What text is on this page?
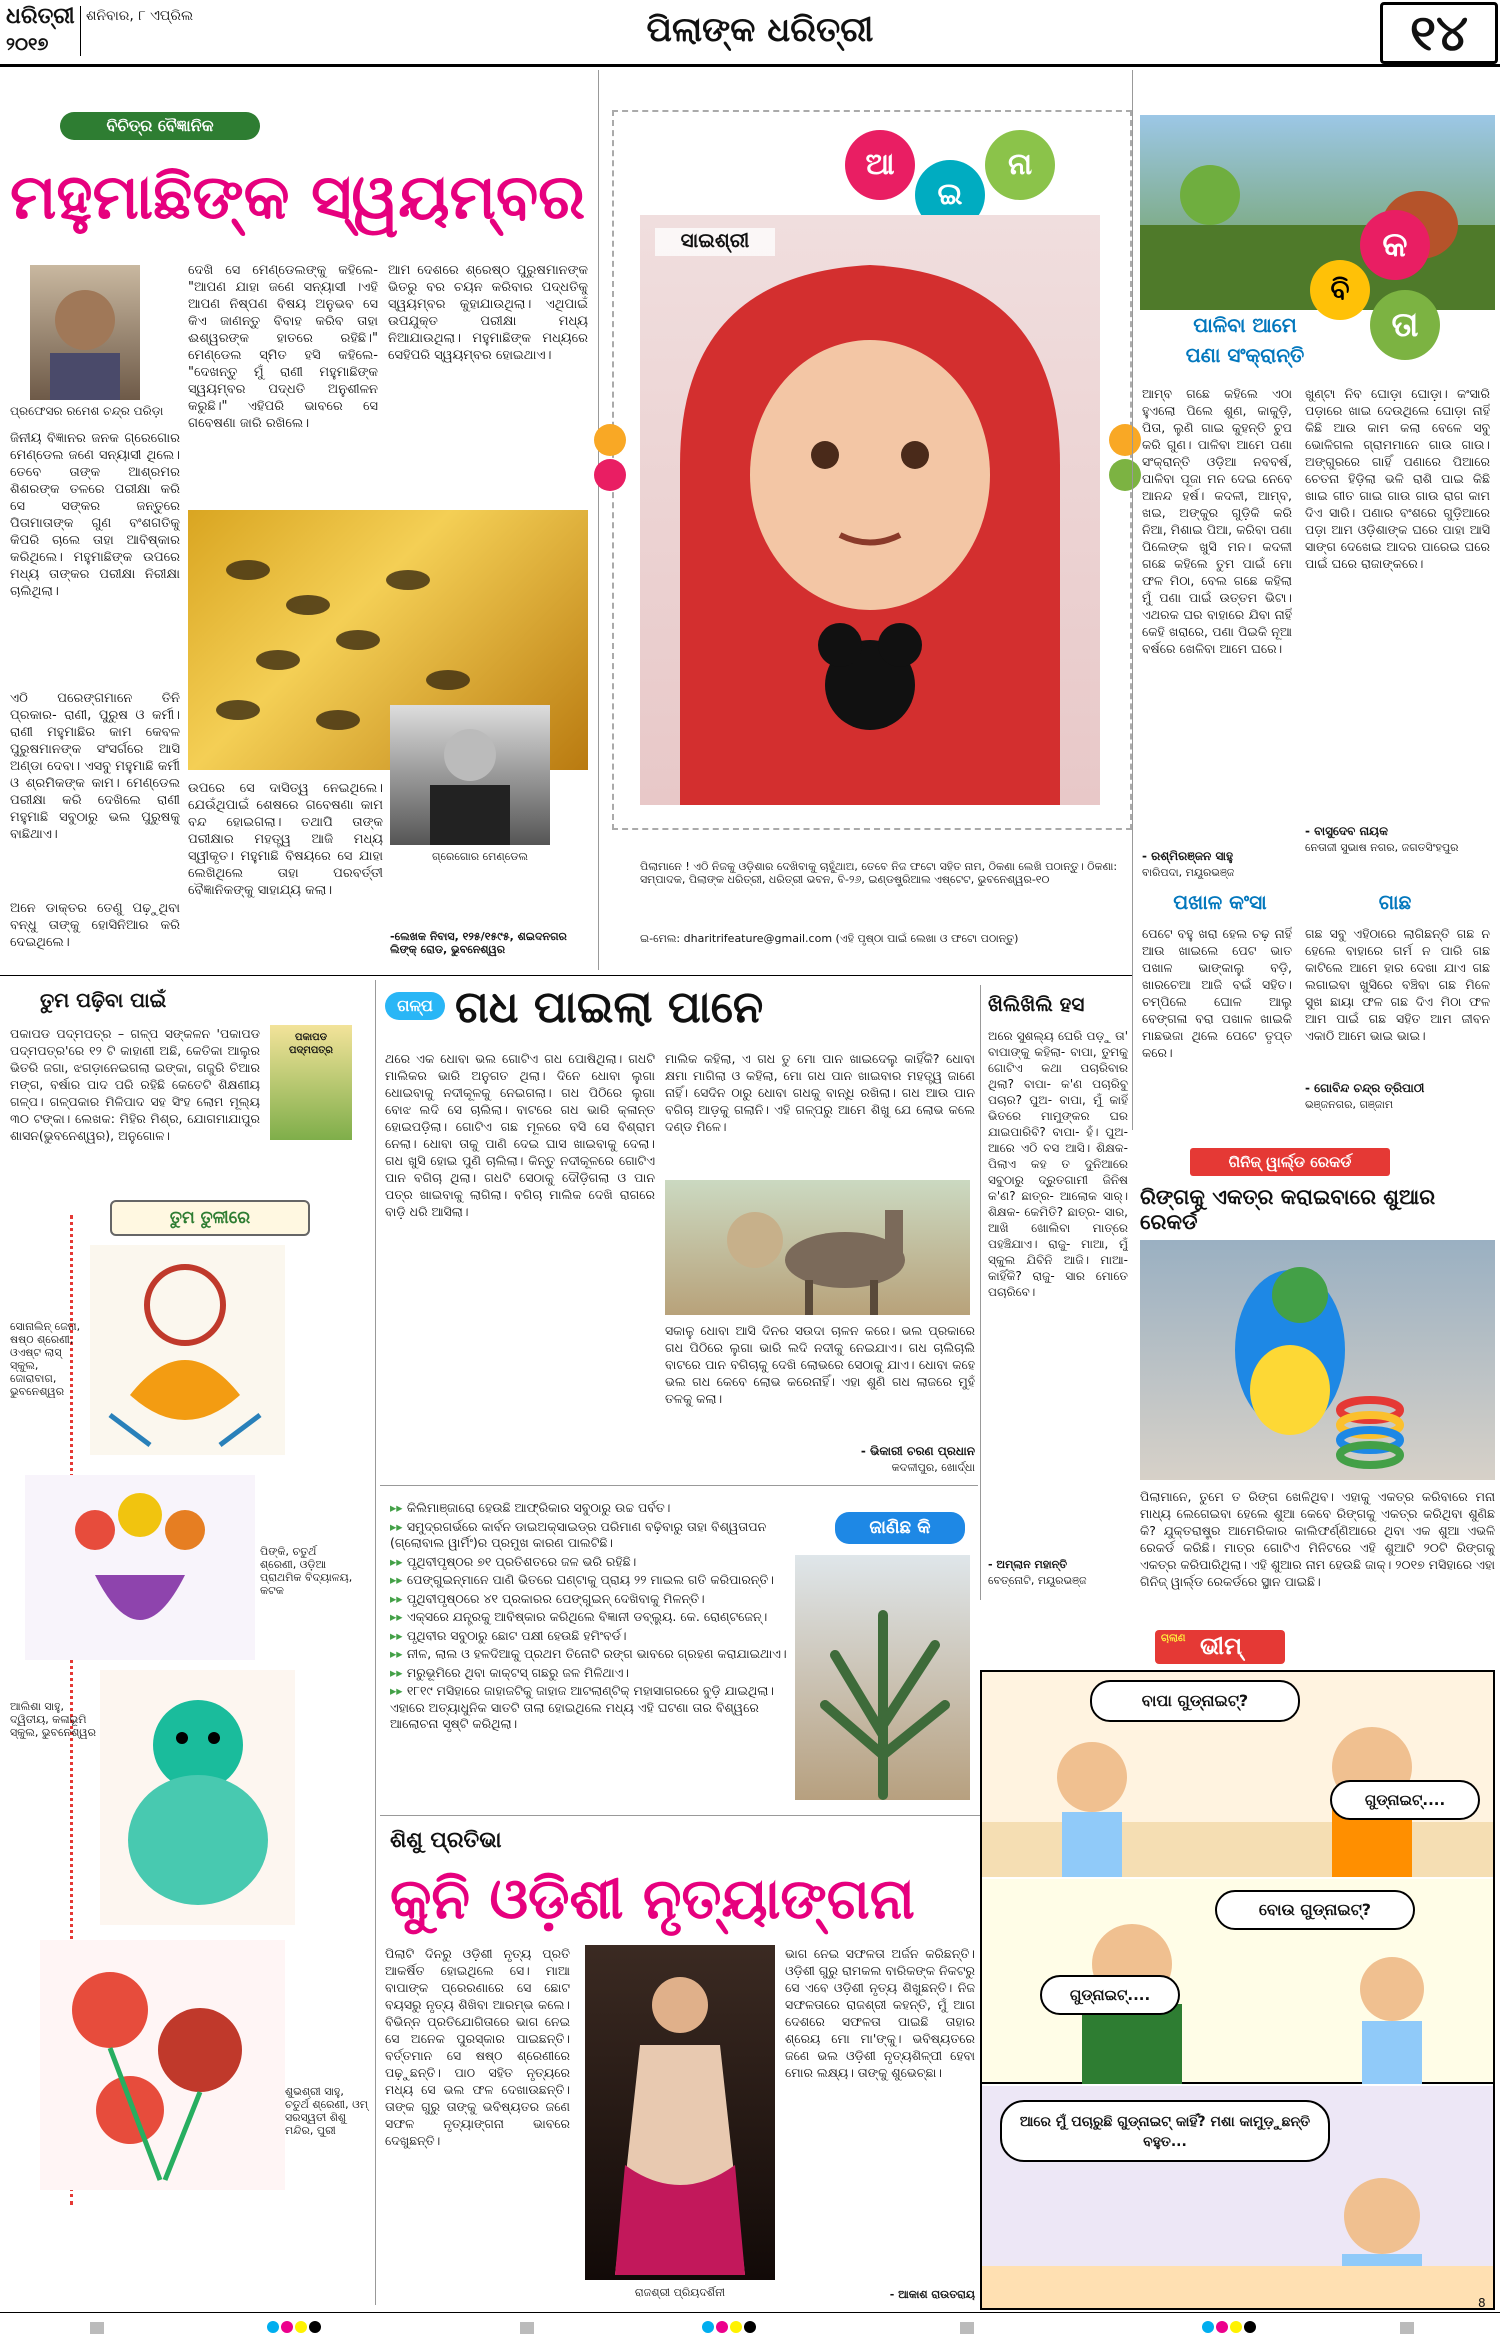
ଧରିତ୍ରୀ
୨୦୧୭
ଶନିବାର, ୮ ଏପ୍ରିଲ	ପିଲାଙ୍କ ଧରିତ୍ରୀ	୧୪
ବିଚିତ୍ର ବୈଜ୍ଞାନିକ
ମହୁମାଛିଙ୍କ ସ୍ୱୟମ୍ବର
ପ୍ରଫେସର ରମେଶ ଚନ୍ଦ୍ର ପରିଡ଼ା
ଜିନୀୟ ବିଜ୍ଞାନର ଜନକ ଗ୍ରେଗୋର ମେଣ୍ଡେଲ ଜଣେ ସନ୍ୟାସୀ ଥିଲେ। ତେବେ ତାଙ୍କ ଆଶ୍ରମର ଶିଶରଙ୍କ ତଳରେ ପରୀକ୍ଷା କରି ସେ ସଙ୍କର ଜନ୍ତୁରେ ପିତାମାତାଙ୍କ ଗୁଣ ବଂଶଗତିକୁ କିପରି ଚାଲେ ତାହା ଆବିଷ୍କାର କରିଥିଲେ। ମହୁମାଛିଙ୍କ ଉପରେ ମଧ୍ୟ ତାଙ୍କର ପରୀକ୍ଷା ନିରୀକ୍ଷା ଚାଲିଥିଲା।
ଦେଖି ସେ ମେଣ୍ଡେଲଙ୍କୁ କହିଲେ- "ଆପଣ ଯାହା ଜଣେ ସନ୍ୟାସୀ ।ଏହି ଆପଣ ନିଷ୍ପଣ ବିଷୟ ଅନୁଭବ ସେ କିଏ ଜାଣନ୍ତୁ ବିବାହ କରିବ ତାହା ଈଶ୍ୱରଙ୍କ ହାତରେ ରହିଛି।" ମେଣ୍ଡେଲ ସ୍ମିତ ହସି କହିଲେ- "ଦେଖନ୍ତୁ ମୁଁ ରାଣୀ ମହୁମାଛିଙ୍କ ସ୍ୱୟମ୍ବର ପଦ୍ଧତି ଅନୁଶୀଳନ କରୁଛି।" ଏହିପରି ଭାବରେ ସେ ଗବେଷଣା ଜାରି ରଖିଲେ।
ଆମ ଦେଶରେ ଶ୍ରେଷ୍ଠ ପୁରୁଷମାନଙ୍କ ଭିତରୁ ବର ଚୟନ କରିବାର ପଦ୍ଧତିକୁ ସ୍ୱୟମ୍ବର କୁହାଯାଉଥିଲା। ଏଥିପାଇଁ ଉପଯୁକ୍ତ ପରୀକ୍ଷା ମଧ୍ୟ ନିଆଯାଉଥିଲା। ମହୁମାଛିଙ୍କ ମଧ୍ୟରେ ସେହିପରି ସ୍ୱୟମ୍ବର ହୋଇଥାଏ।
ଗ୍ରେଗୋର ମେଣ୍ଡେଲ
ଏଠି ପରେଙ୍ଗମାନେ ତିନି ପ୍ରକାର- ରାଣୀ, ପୁରୁଷ ଓ କର୍ମୀ। ରାଣୀ ମହୁମାଛିର କାମ କେବଳ ପୁରୁଷମାନଙ୍କ ସଂସର୍ଗରେ ଆସି ଅଣ୍ଡା ଦେବା। ଏସବୁ ମହୁମାଛି କର୍ମୀ ଓ ଶ୍ରମିକଙ୍କ କାମ। ମେଣ୍ଡେଲ ପରୀକ୍ଷା କରି ଦେଖିଲେ ରାଣୀ ମହୁମାଛି ସବୁଠାରୁ ଭଲ ପୁରୁଷକୁ ବାଛିଥାଏ।
ଉପରେ ସେ ଦାସିତ୍ୱ ନେଇଥିଲେ। ଯେଉଁଥିପାଇଁ ଶେଷରେ ଗବେଷଣା କାମ ବନ୍ଦ ହୋଇଗଲା। ତଥାପି ତାଙ୍କ ପରୀକ୍ଷାର ମହତ୍ତ୍ୱ ଆଜି ମଧ୍ୟ ସ୍ୱୀକୃତ। ମହୁମାଛି ବିଷୟରେ ସେ ଯାହା ଲେଖିଥିଲେ ତାହା ପରବର୍ତ୍ତୀ ବୈଜ୍ଞାନିକଙ୍କୁ ସାହାଯ୍ୟ କଲା।
ଅନେ ଡାକ୍ତର ତେଣୁ ପଢ଼ୁଥିବା ବନ୍ଧୁ ତାଙ୍କୁ ହୋସିନିଆର କରି ଦେଇଥିଲେ।	-ଲେଖକ ନିବାସ, ୧୨୫/୧୫୯୫, ଶଇଦନଗର ଲିଙ୍କ୍ ରୋଡ, ଭୁବନେଶ୍ୱର
ଆ
ଇ
ନା
ସାଇଶ୍ରୀ
ପିଲାମାନେ ! ଏଠି ନିଜକୁ ଓଡ଼ିଶାର ଦେଖିବାକୁ ଚାହୁଁଥାଅ, ତେବେ ନିଜ ଫଟୋ ସହିତ ନାମ, ଠିକଣା ଲେଖି ପଠାନ୍ତୁ। ଠିକଣା: ସମ୍ପାଦକ, ପିଲାଙ୍କ ଧରିତ୍ରୀ, ଧରିତ୍ରୀ ଭବନ, ବି-୨୬, ଇଣ୍ଡଷ୍ଟ୍ରିଆଲ ଏଷ୍ଟେଟ, ଭୁବନେଶ୍ୱର-୧୦
ଇ-ମେଲ: dharitrifeature@gmail.com (ଏହି ପୃଷ୍ଠା ପାଇଁ ଲେଖା ଓ ଫଟୋ ପଠାନ୍ତୁ)
କ
ବି
ତା
ପାଳିବା ଆମେ ପଣା ସଂକ୍ରାନ୍ତି
ଆମ୍ବ ଗଛେ କହିଲେ ଏଠା ହୁଏଲୋ ପିଲେ ଶୁଣ, କାକୁଡ଼ି, ପିତା, ଲୁଣି ଗାଇ କୁହନ୍ତି ଚୁପ କରି ଗୁଣ। ପାଳିବା ଆମେ ପଣା ସଂକ୍ରାନ୍ତି ଓଡ଼ିଆ ନବବର୍ଷ, ପାଳିବା ପୂଜା ମନ ଦେଇ ନେବେ ଆନନ୍ଦ ହର୍ଷ। କଦଳୀ, ଆମ୍ବ, ଖଇ, ଅଙ୍କୁର ଗୁଡ଼ିକି କରି ନିଆ, ମିଶାଇ ପିଆ, କରିବା ପଣା ପିଲେଙ୍କ ଖୁସି ମନ। କଦଳୀ ଗଛେ କହିଲେ ତୁମ ପାଇଁ ମୋ ଫଳ ମିଠା, ବେଲ ଗଛେ କହିଲା ମୁଁ ପଣା ପାଇଁ ଉତ୍ତମ ଭିଟା। ଏଥରକ ଘର ବାହାରେ ଯିବା ନାହିଁ କେହି ଖରାରେ, ପଣା ପିଇକି ନୂଆ ବର୍ଷରେ ଖେଳିବା ଆମେ ଘରେ।
ଖୁଣ୍ଟା ନିବ ଘୋଡ଼ା ଘୋଡ଼ା। କଂସାରି ପଡ଼ାରେ ଖାଇ ଦେଉଥିଲେ ଘୋଡ଼ା ନାହିଁ କିଛି ଆଉ କାମ କଲା ବେଳେ ସବୁ ଭୋଳିଗଲ ଗ୍ରାମମାନେ ଗାଉ ଗାଉ। ଅଙ୍ଗୁରରେ ଗାହିଁ ପଣାରେ ପିଆରେ ଚେତନା ହିଡ଼ିଲା ଭଳି ରାଶି ପାଇ କିଛି ଖାଇ ଗୀତ ଗାଇ ଗାଉ ଗାଉ ରାଗ କାମ ଦିଏ ସାରି। ପଣାର ବଂଶରେ ଗୁଡ଼ିଆରେ ପଡ଼ା ଆମ ଓଡ଼ିଶାଙ୍କ ଘରେ ପାହା ଆସି ସାଙ୍ଗ ଦେଖେଇ ଆଦର ପାରେଇ ଘରେ ପାଇଁ ଘରେ ରାଜାଙ୍କରେ।
- ରଶ୍ମିରଞ୍ଜନ ସାହୁ
ବାରିପଦା, ମୟୂରଭଞ୍ଜ
- ବାସୁଦେବ ନାୟକ
ନେତାଜୀ ସୁଭାଷ ନଗର, ଜଗତସିଂହପୁର
ପଖାଳ କଂସା
ପେଟେ ବହୁ ଖରା ହେଲ ଚଢ଼ ନାହିଁ ଆଉ ଖାଇଲେ ପେଟ ଭାତ ପଖାଳ ଭାଙ୍କାଲୁ ବଡ଼ି, ଖାରଚେଆ ଆଜି ବଇଁ ସହିତ। ଚମ୍ପିଲେ ଘୋଳ ଆଲୁ ବେଙ୍ଗଳା ବରା ପଖାଳ ଖାଇକି ମାଛଭଜା ଥିଲେ ପେଟେ ତୃପ୍ତ କରେ।
ଗାଛ
ଗଛ ସବୁ ଏହିଠାରେ ଲାଗିଛନ୍ତି ଗଛ ନ ହେଲେ ବାହାରେ ଗର୍ମ ନ ପାରି ଗଛ କାଟିଲେ ଆମେ ହାର ଦେଖା ଯାଏ ଗଛ ଲଗାଇବା ଖୁସିରେ ବଞ୍ଚିବା ଗଛ ମିଳେ ସୁଖ ଛାୟା ଫଳ ଗଛ ଦିଏ ମିଠା ଫଳ ଆମ ପାଇଁ ଗଛ ସହିତ ଆମ ଜୀବନ ଏକାଠି ଆମେ ଭାଇ ଭାଇ।
- ଗୋବିନ୍ଦ ଚନ୍ଦ୍ର ତ୍ରିପାଠୀ
ଭଞ୍ଜନଗର, ଗଞ୍ଜାମ
ତୁମ ପଢ଼ିବା ପାଇଁ
ପକାପଡ ପଦ୍ମପତ୍ର – ଗଳ୍ପ ସଙ୍କଳନ 'ପକାପଡ ପଦ୍ମପତ୍ର'ରେ ୧୨ ଟି କାହାଣୀ ଅଛି, କେତିକା ଆଲୁର ଭିତରି ଜଗା, ଝଗଡ଼ାନେଇଗଲା ଇଙ୍କା, ଗଜୁରି ଚିଆର ମଙ୍ଗ, ବର୍ଷାର ପାଦ ପରି ରହିଛି କେତେଟି ଶିକ୍ଷଣୀୟ ଗଳ୍ପ। ଗଳ୍ପକାର ମିଳିପାଦ ସହ ସିଂହ ଲୋମ ମୂଲ୍ୟ ୩୦ ଟଙ୍କା। ଲେଖକ: ମିହିର ମିଶ୍ର, ଯୋଗମାଯାପୁର ଶାସନ(ଭୁବନେଶ୍ୱର), ଅନୁଗୋଳ।
ପକାପଡ ପଦ୍ମପତ୍ର
ତୁମ ତୁଳୀରେ
ସୋନାଲିନ୍ ଜେନା, ଷଷ୍ଠ ଶ୍ରେଣୀ, ଓଏଷ୍ଟ ଲାସ୍ ସ୍କୁଲ, ଜୋରାବାଗ, ଭୁବନେଶ୍ୱର
ପିଙ୍କି, ଚତୁର୍ଥ ଶ୍ରେଣୀ, ଓଡ଼ିଆ ପ୍ରାଥମିକ ବିଦ୍ୟାଳୟ, କଟକ
ଆଲିଶା ସାହୁ, ଦ୍ୱିତୀୟ, କଳାଭୂମି ସ୍କୁଲ, ଭୁବନେଶ୍ୱର
ଶୁଭଶ୍ରୀ ସାହୁ, ଚତୁର୍ଥ ଶ୍ରେଣୀ, ଓମ୍ ସରସ୍ୱତୀ ଶିଶୁ ମନ୍ଦିର, ପୁରୀ
ଗଳ୍ପ ଗଧ ପାଇଲା ପାନେ
ଥରେ ଏକ ଧୋବା ଭଲ ଗୋଟିଏ ଗଧ ପୋଷିଥିଲା। ଗଧଟି ମାଲିକର ଭାରି ଅନୁଗତ ଥିଲା। ଦିନେ ଧୋବା ଲୁଗା ଧୋଇବାକୁ ନଦୀକୂଳକୁ ନେଇଗଲା। ଗଧ ପିଠିରେ ଲୁଗା ବୋଝ ଲଦି ସେ ଚାଲିଲା। ବାଟରେ ଗଧ ଭାରି କ୍ଳାନ୍ତ ହୋଇପଡ଼ିଲା। ଗୋଟିଏ ଗଛ ମୂଳରେ ବସି ସେ ବିଶ୍ରାମ ନେଲା। ଧୋବା ତାକୁ ପାଣି ଦେଇ ଘାସ ଖାଇବାକୁ ଦେଲା। ଗଧ ଖୁସି ହୋଇ ପୁଣି ଚାଲିଲା। କିନ୍ତୁ ନଦୀକୂଳରେ ଗୋଟିଏ ପାନ ବଗିଚା ଥିଲା। ଗଧଟି ସେଠାକୁ ଦୌଡ଼ିଗଲା ଓ ପାନ ପତ୍ର ଖାଇବାକୁ ଲାଗିଲା। ବଗିଚା ମାଲିକ ଦେଖି ରାଗରେ ବାଡ଼ି ଧରି ଆସିଲା।
ମାଲିକ କହିଲା, ଏ ଗଧ ତୁ ମୋ ପାନ ଖାଇଦେଲୁ କାହିଁକି? ଧୋବା କ୍ଷମା ମାଗିଲା ଓ କହିଲା, ମୋ ଗଧ ପାନ ଖାଇବାର ମହତ୍ତ୍ୱ ଜାଣେ ନାହିଁ। ସେଦିନ ଠାରୁ ଧୋବା ଗଧକୁ ବାନ୍ଧି ରଖିଲା। ଗଧ ଆଉ ପାନ ବଗିଚା ଆଡ଼କୁ ଗଲାନି। ଏହି ଗଳ୍ପରୁ ଆମେ ଶିଖୁ ଯେ ଲୋଭ କଲେ ଦଣ୍ଡ ମିଳେ।
ସକାଳୁ ଧୋବା ଆସି ଦିନର ସଉଦା ଚାଳନ କରେ। ଭଲ ପ୍ରକାରେ ଗଧ ପିଠିରେ ଲୁଗା ଭାରି ଲଦି ନଦୀକୁ ନେଇଯାଏ। ଗଧ ଚାଲିଚାଲି ବାଟରେ ପାନ ବଗିଚାକୁ ଦେଖି ଲୋଭରେ ସେଠାକୁ ଯାଏ। ଧୋବା କହେ ଭଲ ଗଧ କେବେ ଲୋଭ କରେନାହିଁ। ଏହା ଶୁଣି ଗଧ ଲାଜରେ ମୁହଁ ତଳକୁ କଲା।
- ଭିକାରୀ ଚରଣ ପ୍ରଧାନ
କଦଳୀପୁର, ଖୋର୍ଦ୍ଧା
ଖିଲିଖିଲି ହସ
ଅରେ ସୁଶଲ୍ୟ ଘେରି ପଡ଼ୁ ତା' ବାପାଙ୍କୁ କହିଲା- ବାପା, ତୁମକୁ ଗୋଟିଏ କଥା ପଚାରିବାର ଥିଲା? ବାପା- କ'ଣ ପଚାରିବୁ ପଚାର? ପୁଅ- ବାପା, ମୁଁ କାହିଁ ଭିତରେ ମାମୁଙ୍କର ଘର ଯାଇପାରିବି? ବାପା- ହଁ। ପୁଅ- ଆରେ ଏଠି ବସ ଆସି। ଶିକ୍ଷକ- ପିଲାଏ କହ ତ ଦୁନିଆରେ ସବୁଠାରୁ ଦ୍ରୁତଗାମୀ ଜିନିଷ କ'ଣ? ଛାତ୍ର- ଆଲୋକ ସାର୍। ଶିକ୍ଷକ- କେମିତି? ଛାତ୍ର- ସାର, ଆଖି ଖୋଲିବା ମାତ୍ରେ ପହଞ୍ଚିଯାଏ। ରାଜୁ- ମାଆ, ମୁଁ ସ୍କୁଲ ଯିବିନି ଆଜି। ମାଆ- କାହିଁକି? ରାଜୁ- ସାର ମୋତେ ପଚାରିବେ।
- ଅମ୍ଲାନ ମହାନ୍ତି
ବେତ୍‌ନୋଟି, ମୟୂରଭଞ୍ଜ
ଜାଣିଛ କି
▸▸ କିଲିମାଞ୍ଜାରୋ ହେଉଛି ଆଫ୍ରିକାର ସବୁଠାରୁ ଉଚ୍ଚ ପର୍ବତ।
▸▸ ସମୁଦ୍ରଗର୍ଭରେ କାର୍ବନ ଡାଇଅକ୍ସାଇଡ୍ର ପରିମାଣ ବଢ଼ିବାରୁ ତାହା ବିଶ୍ୱତାପନ (ଗ୍ଲୋବାଲ ୱାର୍ମିଂ)ର ପ୍ରମୁଖ କାରଣ ପାଲଟିଛି।
▸▸ ପୃଥିବୀପୃଷ୍ଠର ୭୧ ପ୍ରତିଶତରେ ଜଳ ଭରି ରହିଛି।
▸▸ ପେଙ୍ଗୁଇନ୍ମାନେ ପାଣି ଭିତରେ ଘଣ୍ଟାକୁ ପ୍ରାୟ ୨୨ ମାଇଲ ଗତି କରିପାରନ୍ତି।
▸▸ ପୃଥିବୀପୃଷ୍ଠରେ ୪୧ ପ୍ରକାରର ପେଙ୍ଗୁଇନ୍ ଦେଖିବାକୁ ମିଳନ୍ତି।
▸▸ ଏକ୍ସରେ ଯନ୍ତ୍ରକୁ ଆବିଷ୍କାର କରିଥିଲେ ବିଜ୍ଞାନୀ ଡବ୍ଲ୍ୟୁ. କେ. ରୋଣ୍ଟଜେନ୍।
▸▸ ପୃଥିବୀର ସବୁଠାରୁ ଛୋଟ ପକ୍ଷୀ ହେଉଛି ହମିଂବର୍ଡ।
▸▸ ନୀଳ, ଲାଲ ଓ ହଳଦିଆକୁ ପ୍ରଥମ ତିନୋଟି ରଙ୍ଗ ଭାବରେ ଗ୍ରହଣ କରାଯାଇଥାଏ।
▸▸ ମରୁଭୂମିରେ ଥିବା କାକ୍ଟସ୍ ଗଛରୁ ଜଳ ମିଳିଥାଏ।
▸▸ ୧୮୧୯ ମସିହାରେ ଜାହାଜଟିକୁ ଜାହାଜ ଆଟଲାଣ୍ଟିକ୍ ମହାସାଗରରେ ବୁଡ଼ି ଯାଇଥିଲା। ଏହାରେ ଅତ୍ୟାଧୁନିକ ସାତଟି ତାଲା ହୋଇଥିଲେ ମଧ୍ୟ ଏହି ଘଟଣା ତାର ବିଶ୍ୱରେ ଆଲୋଚନା ସୃଷ୍ଟି କରିଥିଲା।
ଶିଶୁ ପ୍ରତିଭା
କୁନି ଓଡ଼ିଶୀ ନୃତ୍ୟାଙ୍ଗନା
ପିଲାଟି ଦିନରୁ ଓଡ଼ିଶୀ ନୃତ୍ୟ ପ୍ରତି ଆକର୍ଷିତ ହୋଇଥିଲେ ସେ। ମାଆ ବାପାଙ୍କ ପ୍ରେରଣାରେ ସେ ଛୋଟ ବୟସରୁ ନୃତ୍ୟ ଶିଖିବା ଆରମ୍ଭ କଲେ। ବିଭିନ୍ନ ପ୍ରତିଯୋଗିତାରେ ଭାଗ ନେଇ ସେ ଅନେକ ପୁରସ୍କାର ପାଇଛନ୍ତି। ବର୍ତ୍ତମାନ ସେ ଷଷ୍ଠ ଶ୍ରେଣୀରେ ପଢ଼ୁଛନ୍ତି। ପାଠ ସହିତ ନୃତ୍ୟରେ ମଧ୍ୟ ସେ ଭଲ ଫଳ ଦେଖାଉଛନ୍ତି। ତାଙ୍କ ଗୁରୁ ତାଙ୍କୁ ଭବିଷ୍ୟତର ଜଣେ ସଫଳ ନୃତ୍ୟାଙ୍ଗନା ଭାବରେ ଦେଖୁଛନ୍ତି।
ରାଜଶ୍ରୀ ପ୍ରିୟଦର୍ଶିନୀ
ଭାଗ ନେଇ ସଫଳତା ଅର୍ଜନ କରିଛନ୍ତି। ଓଡ଼ିଶୀ ଗୁରୁ ରାମକଲ ବାରିକଙ୍କ ନିକଟରୁ ସେ ଏବେ ଓଡ଼ିଶୀ ନୃତ୍ୟ ଶିଖୁଛନ୍ତି। ନିଜ ସଫଳତାରେ ରାଜଶ୍ରୀ କହନ୍ତି, ମୁଁ ଆଗ ଦେଶରେ ସଫଳତା ପାଇଛି ତାହାର ଶ୍ରେୟ ମୋ ମା'ଙ୍କୁ। ଭବିଷ୍ୟତରେ ଜଣେ ଭଲ ଓଡ଼ିଶୀ ନୃତ୍ୟଶିଳ୍ପୀ ହେବା ମୋର ଲକ୍ଷ୍ୟ। ତାଙ୍କୁ ଶୁଭେଚ୍ଛା।
- ଆକାଶ ରାଉତରାୟ
ଗିନିଜ୍ ୱାର୍ଲ୍ଡ ରେକର୍ଡ
ରିଙ୍ଗକୁ ଏକତ୍ର କରାଇବାରେ ଶୁଆର ରେକର୍ଡ
ପିଲାମାନେ, ତୁମେ ତ ରିଙ୍ଗ ଖେଳିଥିବ। ଏହାକୁ ଏକତ୍ର କରିବାରେ ମନା ମାଧ୍ୟ ଲେଗେଇବା ହେଲେ ଶୁଆ କେବେ ରିଙ୍ଗକୁ ଏକତ୍ର କରିଥିବା ଶୁଣିଛ କି? ଯୁକ୍ତରାଷ୍ଟ୍ର ଆମେରିକାର କାଲିଫର୍ଣ୍ଣିଆରେ ଥିବା ଏକ ଶୁଆ ଏଭଳି ରେକର୍ଡ କରିଛି। ମାତ୍ର ଗୋଟିଏ ମିନିଟରେ ଏହି ଶୁଆଟି ୨୦ଟି ରିଙ୍ଗକୁ ଏକତ୍ର କରିପାରିଥିଲା। ଏହି ଶୁଆର ନାମ ହେଉଛି ଜାକ୍। ୨୦୧୭ ମସିହାରେ ଏହା ଗିନିଜ୍ ୱାର୍ଲ୍ଡ ରେକର୍ଡରେ ସ୍ଥାନ ପାଇଛି।
ଚାଲାଣ ଭୀମ୍
ବାପା ଗୁଡ୍ନାଇଟ୍?
ଗୁଡ୍ନାଇଟ୍....
ବୋଉ ଗୁଡ୍ନାଇଟ୍?
ଗୁଡ୍ନାଇଟ୍....
ଆରେ ମୁଁ ପଚାରୁଛି ଗୁଡ୍ନାଇଟ୍ କାହିଁ? ମଶା କାମୁଡ଼ୁଛନ୍ତି ବହୁତ...
8
